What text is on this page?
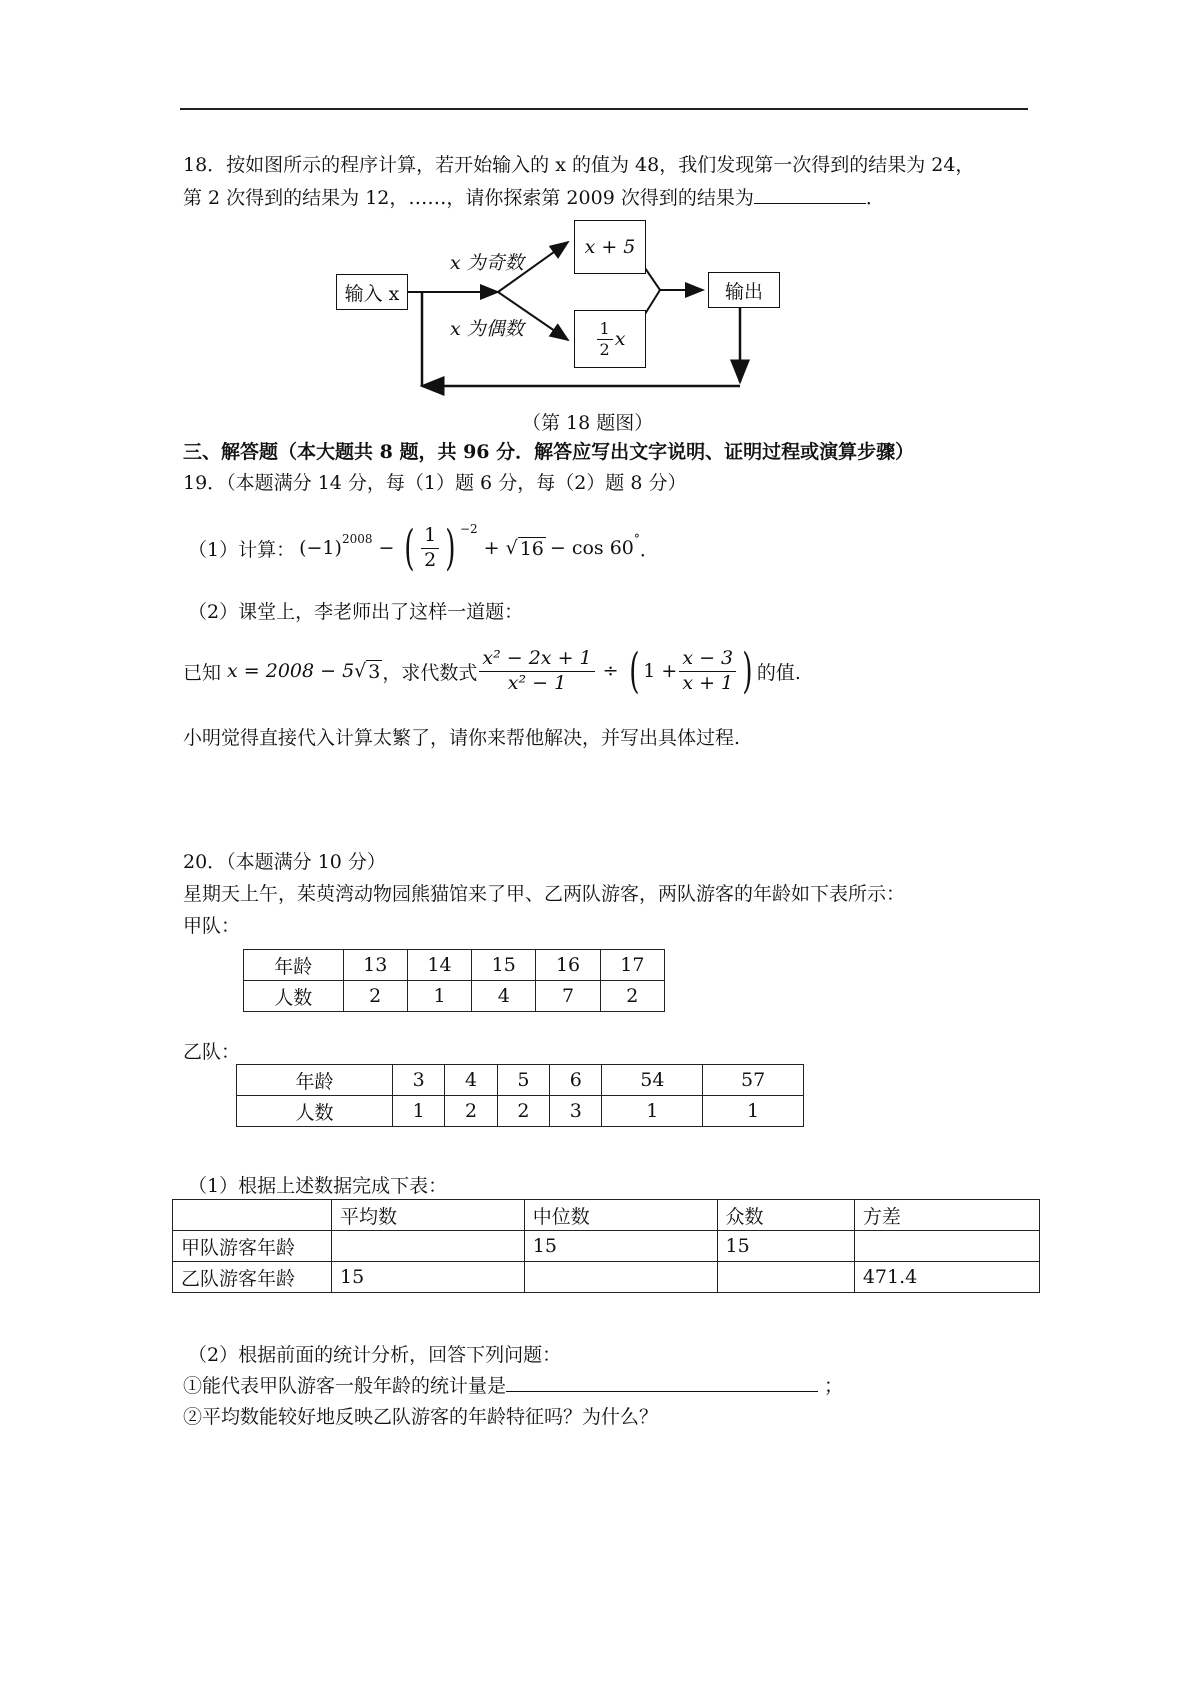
18．按如图所示的程序计算，若开始输入的 x 的值为 48，我们发现第一次得到的结果为 24，
第 2 次得到的结果为 12，……，请你探索第 2009 次得到的结果为	．
输入 x
x 为奇数
x 为偶数
x + 5
$\frac{1}{2}$ x
输出
（第 18 题图）
三、解答题（本大题共 8 题，共 96 分．解答应写出文字说明、证明过程或演算步骤）
19．（本题满分 14 分，每（1）题 6 分，每（2）题 8 分）
（1）计算： $(-1)^{2008}$ − ( $\frac{1}{2}$ ) $^{-2}$
+ √ 16 − cos 60° ．
（2）课堂上，李老师出了这样一道题：
已知 x = 2008 − 5 √ 3 ，求代数式 $\frac{\text{x² − 2x + 1}}{\text{x² − 1}}$ ÷ ( $1 + \frac{x - 3}{x + 1}$ ) 的值.
小明觉得直接代入计算太繁了，请你来帮他解决，并写出具体过程.
20．（本题满分 10 分）
星期天上午，茱萸湾动物园熊猫馆来了甲、乙两队游客，两队游客的年龄如下表所示：
甲队：
年龄	13	14	15	16	17
人数	2	1	4	7	2
乙队：
年龄	3	4	5	6	54	57
人数	1	2	2	3	1	1
（1）根据上述数据完成下表：
	平均数	中位数	众数	方差
甲队游客年龄		15	15	
乙队游客年龄	15			471.4
（2）根据前面的统计分析，回答下列问题：
①能代表甲队游客一般年龄的统计量是	；
②平均数能较好地反映乙队游客的年龄特征吗？为什么？
